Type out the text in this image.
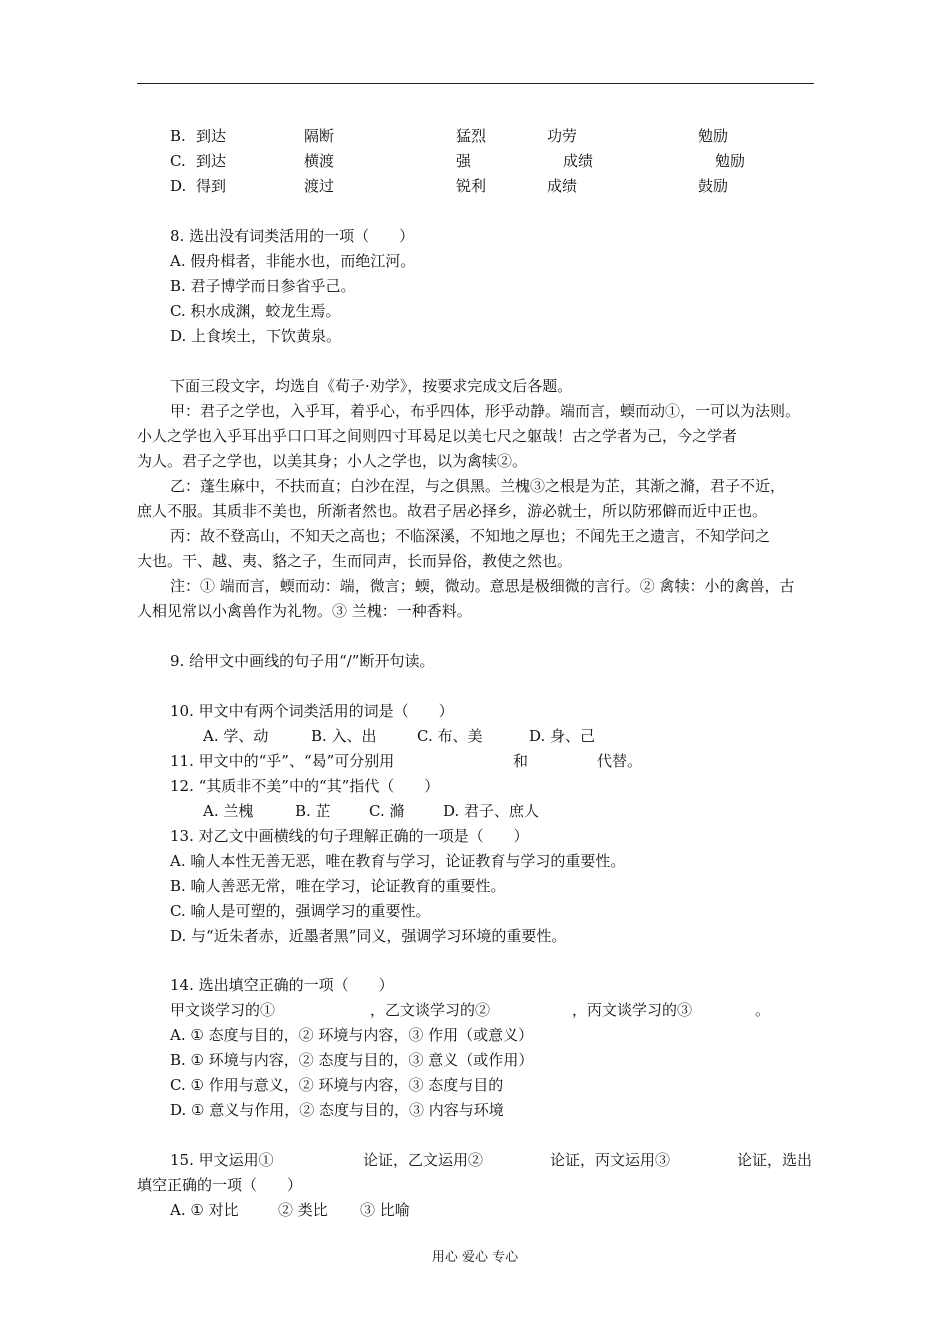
B. 到达	隔断	猛烈	功劳	勉励
C. 到达	横渡	强	成绩	勉励
D. 得到	渡过	锐利	成绩	鼓励
8. 选出没有词类活用的一项（　　）
A. 假舟楫者，非能水也，而绝江河。
B. 君子博学而日参省乎己。
C. 积水成渊，蛟龙生焉。
D. 上食埃土，下饮黄泉。
下面三段文字，均选自《荀子·劝学》，按要求完成文后各题。
甲：君子之学也，入乎耳，着乎心，布乎四体，形乎动静。端而言，蝡而动①，一可以为法则。
小人之学也入乎耳出乎口口耳之间则四寸耳曷足以美七尺之躯哉！古之学者为己，今之学者
为人。君子之学也，以美其身；小人之学也，以为禽犊②。
乙：蓬生麻中，不扶而直；白沙在涅，与之俱黑。兰槐③之根是为芷，其渐之滫，君子不近，
庶人不服。其质非不美也，所渐者然也。故君子居必择乡，游必就士，所以防邪僻而近中正也。
丙：故不登高山，不知天之高也；不临深溪，不知地之厚也；不闻先王之遗言，不知学问之
大也。干、越、夷、貉之子，生而同声，长而异俗，教使之然也。
注：① 端而言，蝡而动：端，微言；蝡，微动。意思是极细微的言行。② 禽犊：小的禽兽，古
人相见常以小禽兽作为礼物。③ 兰槐：一种香料。
9. 给甲文中画线的句子用“/”断开句读。
10. 甲文中有两个词类活用的词是（　　）
A. 学、动	B. 入、出	C. 布、美	D. 身、己
11. 甲文中的“乎”、“曷”可分别用	和	代替。
12. “其质非不美”中的“其”指代（　　）
A. 兰槐	B. 芷	C. 滫	D. 君子、庶人
13. 对乙文中画横线的句子理解正确的一项是（　　）
A. 喻人本性无善无恶，唯在教育与学习，论证教育与学习的重要性。
B. 喻人善恶无常，唯在学习，论证教育的重要性。
C. 喻人是可塑的，强调学习的重要性。
D. 与“近朱者赤，近墨者黑”同义，强调学习环境的重要性。
14. 选出填空正确的一项（　　）
甲文谈学习的①	，乙文谈学习的②	，丙文谈学习的③	。
A. ① 态度与目的，② 环境与内容，③ 作用（或意义）
B. ① 环境与内容，② 态度与目的，③ 意义（或作用）
C. ① 作用与意义，② 环境与内容，③ 态度与目的
D. ① 意义与作用，② 态度与目的，③ 内容与环境
15. 甲文运用①	论证，乙文运用②	论证，丙文运用③	论证，选出
填空正确的一项（　　）
A. ① 对比	② 类比 ③ 比喻
用心 爱心 专心
